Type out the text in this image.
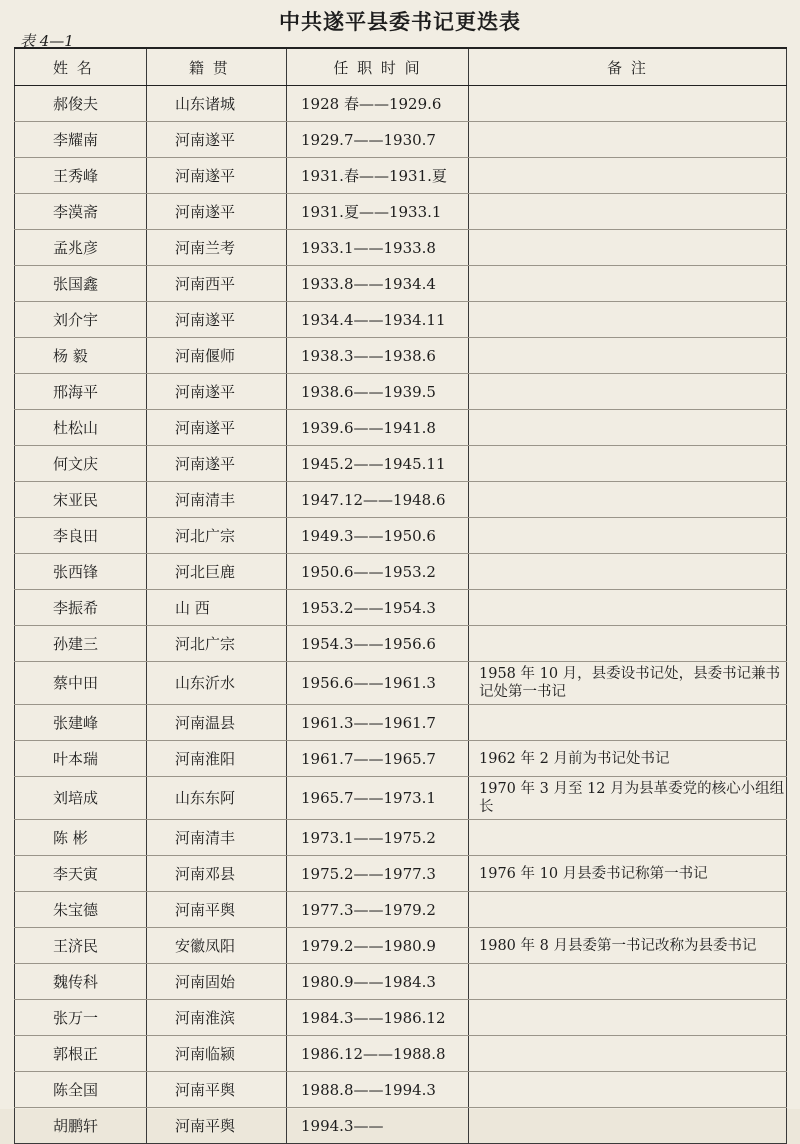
中共遂平县委书记更迭表
表 4—1
姓 名	籍 贯	任 职 时 间	备 注
郝俊夫	山东诸城	1928 春——1929.6	
李耀南	河南遂平	1929.7——1930.7	
王秀峰	河南遂平	1931.春——1931.夏	
李漠斋	河南遂平	1931.夏——1933.1	
孟兆彦	河南兰考	1933.1——1933.8	
张国鑫	河南西平	1933.8——1934.4	
刘介宇	河南遂平	1934.4——1934.11	
杨 毅	河南偃师	1938.3——1938.6	
邢海平	河南遂平	1938.6——1939.5	
杜松山	河南遂平	1939.6——1941.8	
何文庆	河南遂平	1945.2——1945.11	
宋亚民	河南清丰	1947.12——1948.6	
李良田	河北广宗	1949.3——1950.6	
张西锋	河北巨鹿	1950.6——1953.2	
李振希	山 西	1953.2——1954.3	
孙建三	河北广宗	1954.3——1956.6	
蔡中田	山东沂水	1956.6——1961.3	1958 年 10 月，县委设书记处，县委书记兼书记处第一书记
张建峰	河南温县	1961.3——1961.7	
叶本瑞	河南淮阳	1961.7——1965.7	1962 年 2 月前为书记处书记
刘培成	山东东阿	1965.7——1973.1	1970 年 3 月至 12 月为县革委党的核心小组组长
陈 彬	河南清丰	1973.1——1975.2	
李天寅	河南邓县	1975.2——1977.3	1976 年 10 月县委书记称第一书记
朱宝德	河南平舆	1977.3——1979.2	
王济民	安徽凤阳	1979.2——1980.9	1980 年 8 月县委第一书记改称为县委书记
魏传科	河南固始	1980.9——1984.3	
张万一	河南淮滨	1984.3——1986.12	
郭根正	河南临颍	1986.12——1988.8	
陈全国	河南平舆	1988.8——1994.3	
胡鹏轩	河南平舆	1994.3——	
